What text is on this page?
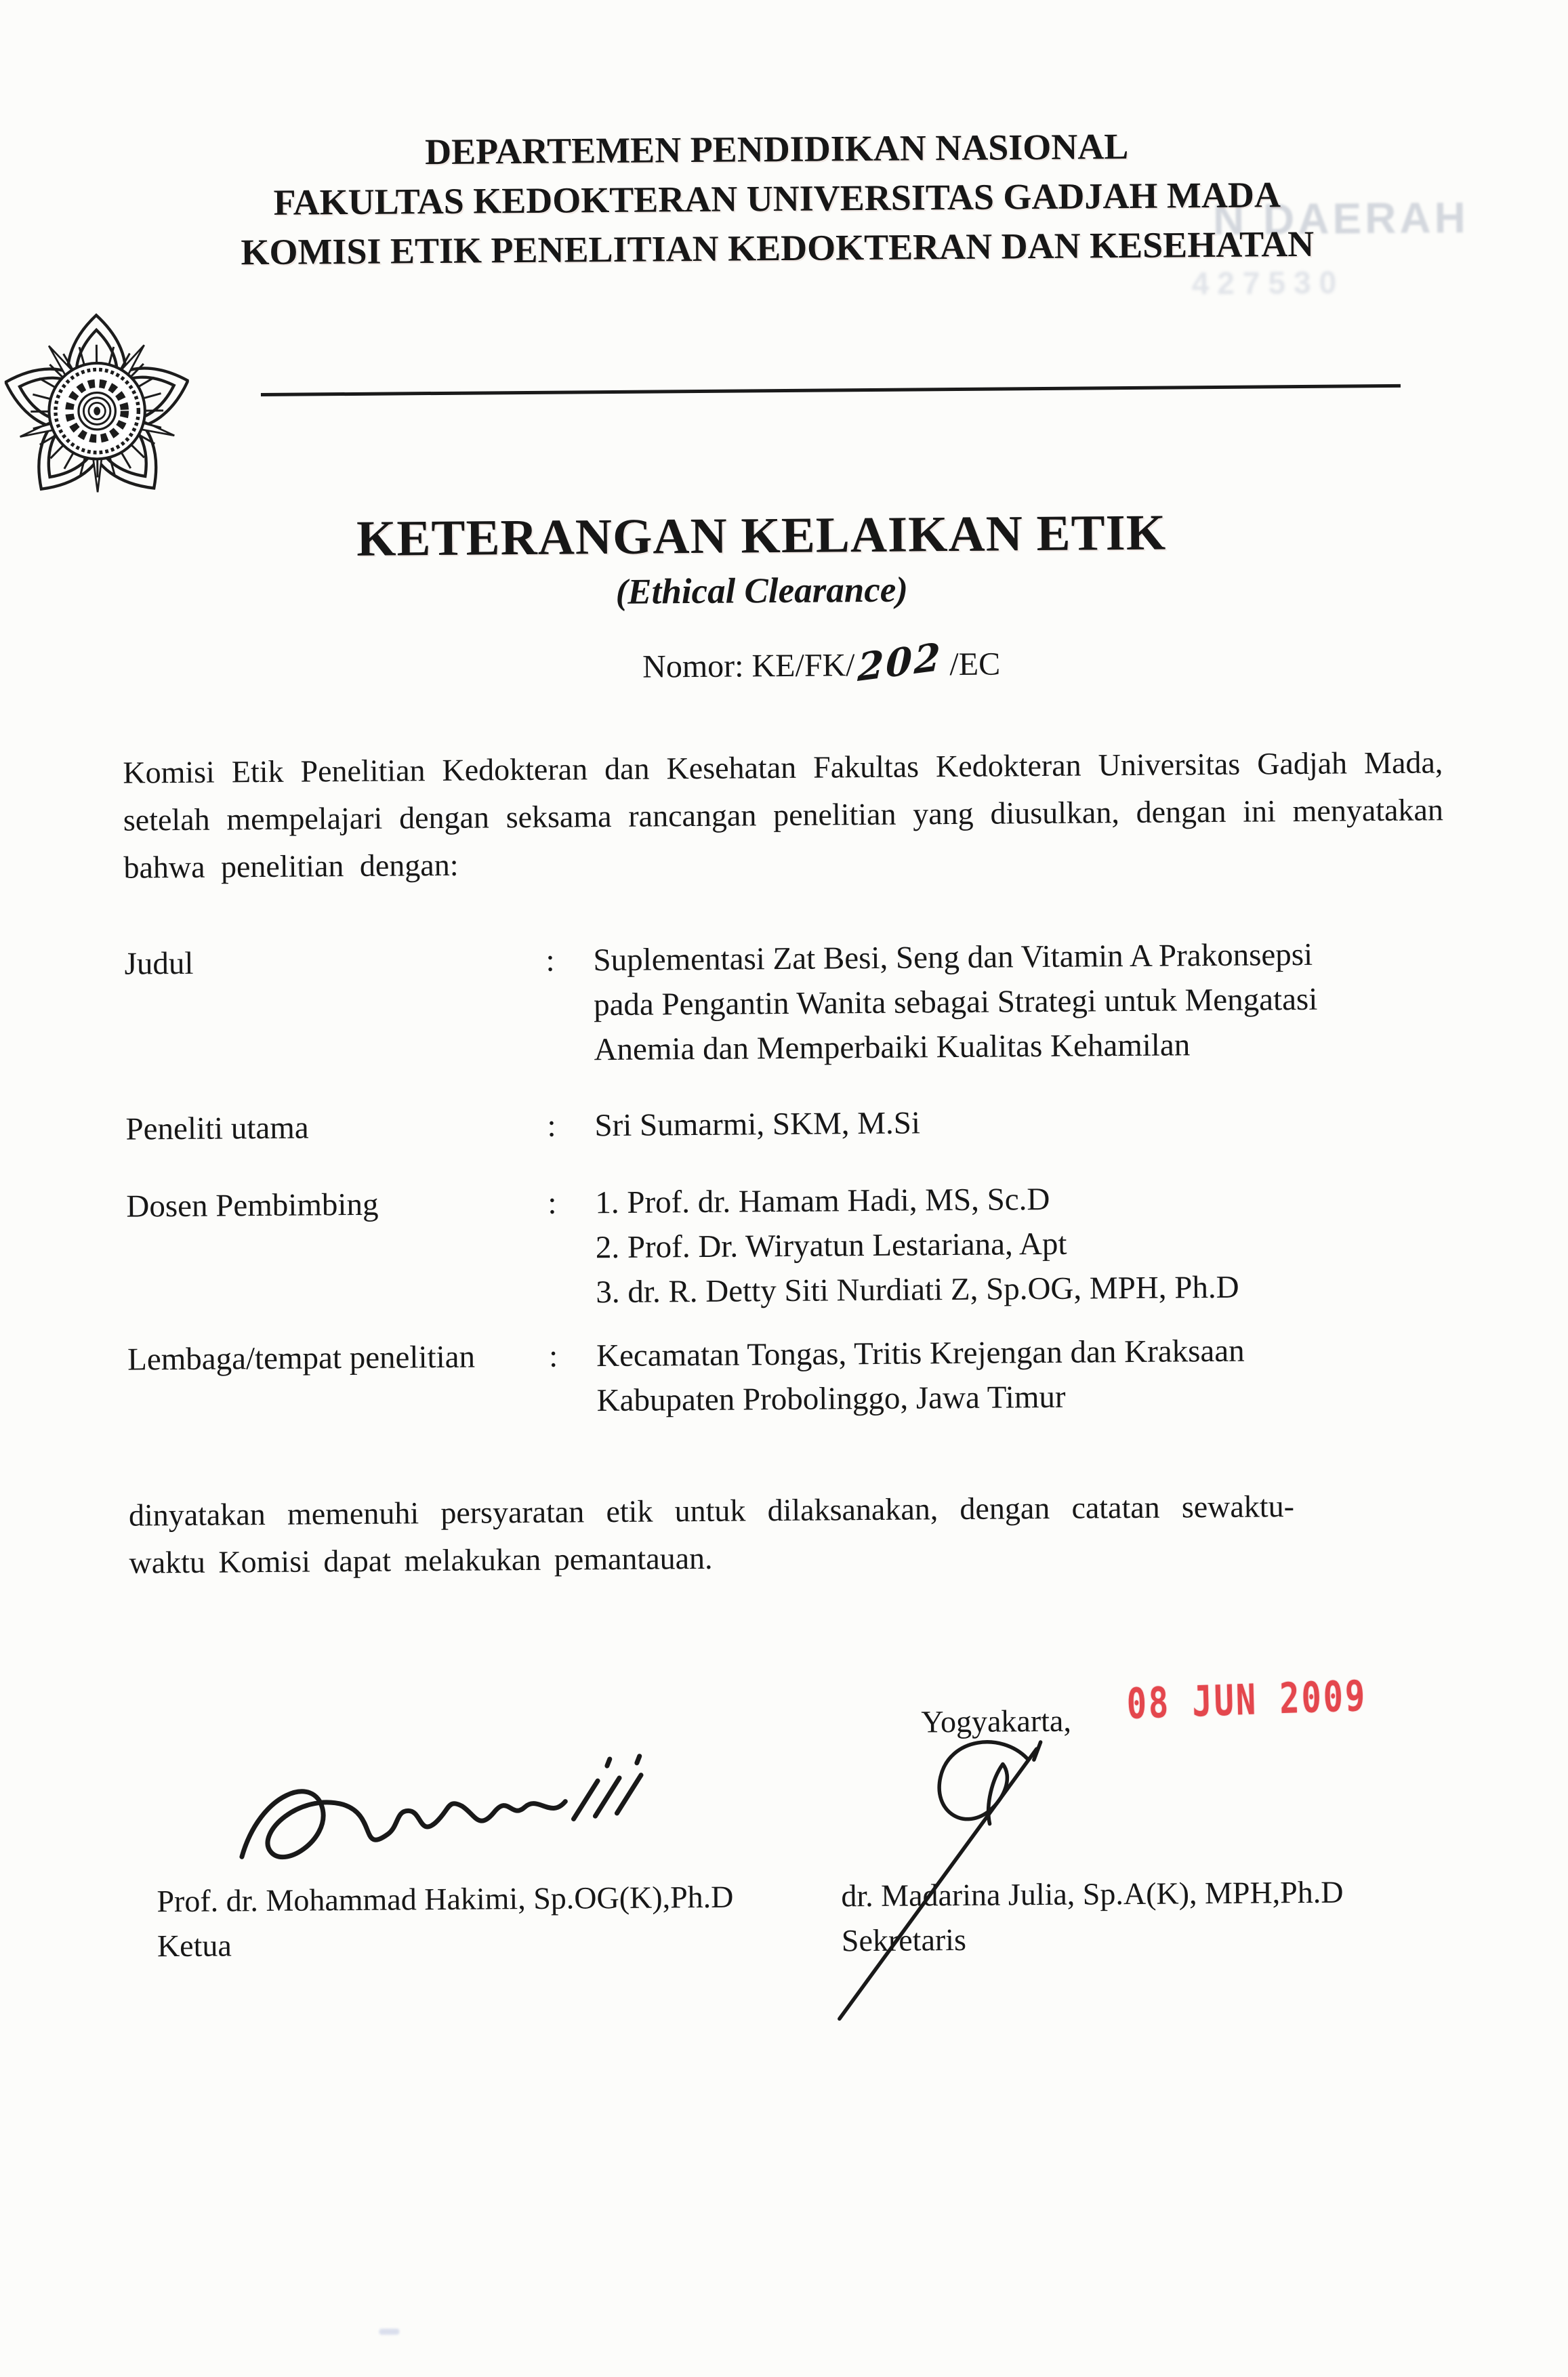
N DAERAH
427530
DEPARTEMEN PENDIDIKAN NASIONAL
FAKULTAS KEDOKTERAN UNIVERSITAS GADJAH MADA
KOMISI ETIK PENELITIAN KEDOKTERAN DAN KESEHATAN
KETERANGAN KELAIKAN ETIK
(Ethical Clearance)
Nomor: KE/FK/202 /EC
Komisi Etik Penelitian Kedokteran dan Kesehatan Fakultas Kedokteran Universitas Gadjah Mada, setelah mempelajari dengan seksama rancangan penelitian yang diusulkan, dengan ini menyatakan bahwa penelitian dengan:
Judul	:	Suplementasi Zat Besi, Seng dan Vitamin A Prakonsepsi
pada Pengantin Wanita sebagai Strategi untuk Mengatasi
Anemia dan Memperbaiki Kualitas Kehamilan
Peneliti utama	:	Sri Sumarmi, SKM, M.Si
Dosen Pembimbing	:	1. Prof. dr. Hamam Hadi, MS, Sc.D
2. Prof. Dr. Wiryatun Lestariana, Apt
3. dr. R. Detty Siti Nurdiati Z, Sp.OG, MPH, Ph.D
Lembaga/tempat penelitian	:	Kecamatan Tongas, Tritis Krejengan dan Kraksaan
Kabupaten Probolinggo, Jawa Timur
dinyatakan memenuhi persyaratan etik untuk dilaksanakan, dengan catatan sewaktu-waktu Komisi dapat melakukan pemantauan.
Yogyakarta, 08 JUN 2009
Prof. dr. Mohammad Hakimi, Sp.OG(K),Ph.D
Ketua
dr. Madarina Julia, Sp.A(K), MPH,Ph.D
Sekretaris
